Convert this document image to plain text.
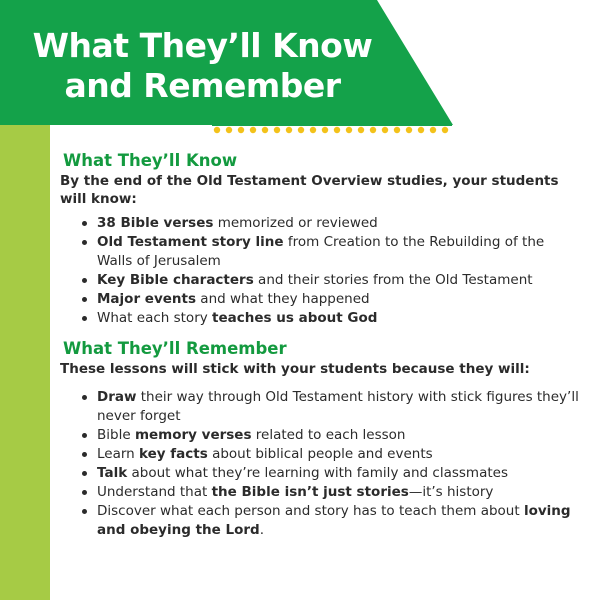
What They’ll Know
and Remember
What They’ll Know

By the end of the Old Testament Overview studies, your students will know:

38 Bible verses memorized or reviewed
Old Testament story line from Creation to the Rebuilding of the Walls of Jerusalem
Key Bible characters and their stories from the Old Testament
Major events and what they happened
What each story teaches us about God
What They’ll Remember

These lessons will stick with your students because they will:

Draw their way through Old Testament history with stick figures they’ll never forget
Bible memory verses related to each lesson
Learn key facts about biblical people and events
Talk about what they’re learning with family and classmates
Understand that the Bible isn’t just stories—it’s history
Discover what each person and story has to teach them about loving and obeying the Lord.
